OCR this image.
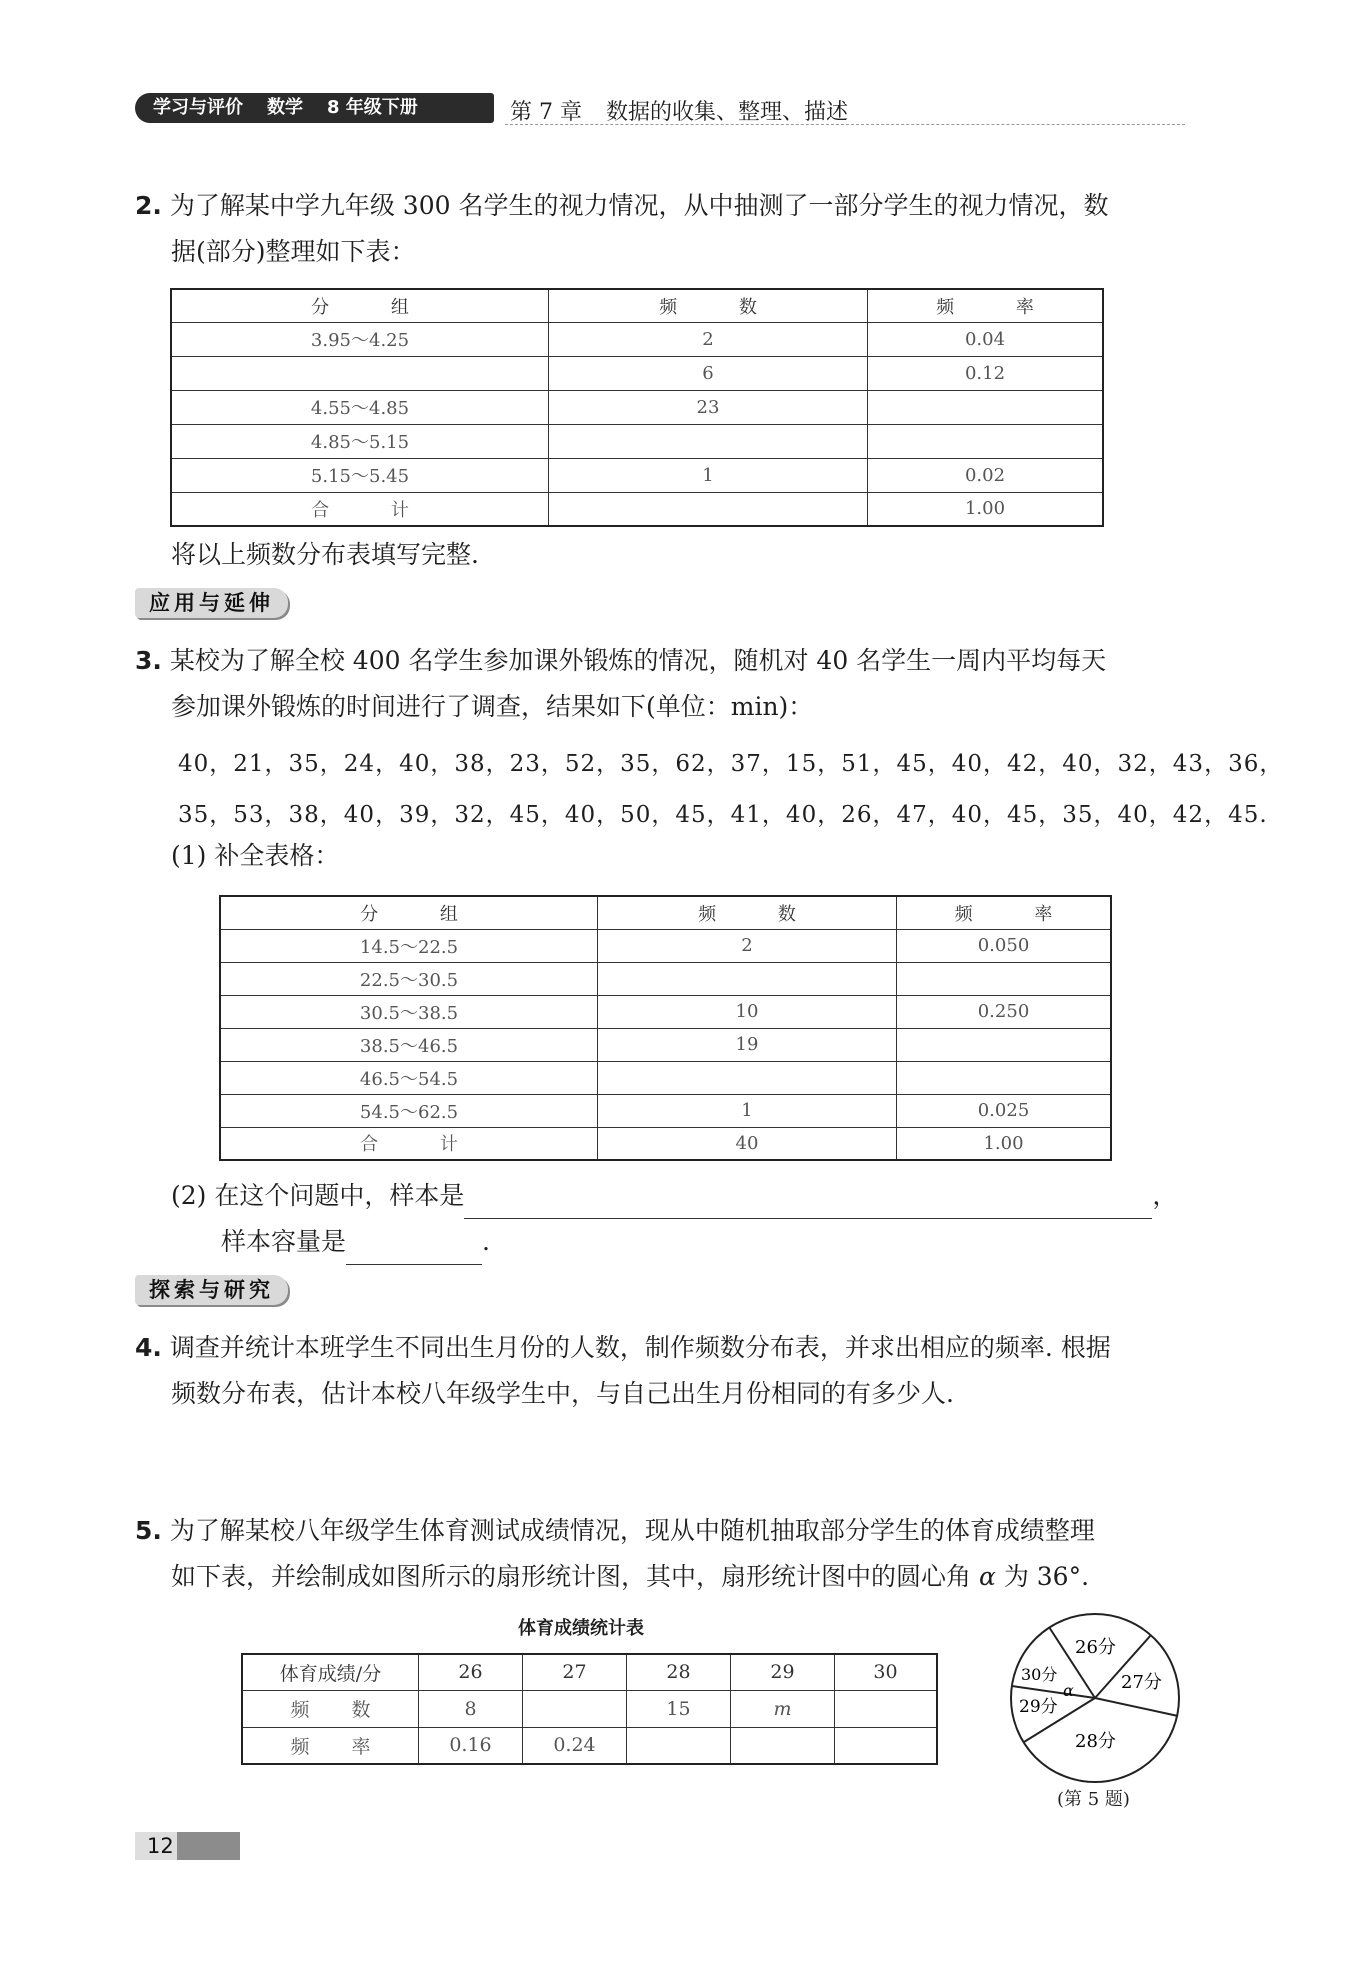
学习与评价 数学 8 年级下册	第 7 章 数据的收集、整理、描述
2. 为了解某中学九年级 300 名学生的视力情况，从中抽测了一部分学生的视力情况，数
据(部分)整理如下表：
分 组	频 数	频 率
3.95～4.25	2	0.04
	6	0.12
4.55～4.85	23	
4.85～5.15		
5.15～5.45	1	0.02
合 计		1.00
将以上频数分布表填写完整.
应用与延伸
3. 某校为了解全校 400 名学生参加课外锻炼的情况，随机对 40 名学生一周内平均每天
参加课外锻炼的时间进行了调查，结果如下(单位：min)：
40，21，35，24，40，38，23，52，35，62，37，15，51，45，40，42，40，32，43，36，
35，53，38，40，39，32，45，40，50，45，41，40，26，47，40，45，35，40，42，45.
(1) 补全表格：
分 组	频 数	频 率
14.5～22.5	2	0.050
22.5～30.5		
30.5～38.5	10	0.250
38.5～46.5	19	
46.5～54.5		
54.5～62.5	1	0.025
合 计	40	1.00
(2) 在这个问题中，样本是	，
样本容量是	.
探索与研究
4. 调查并统计本班学生不同出生月份的人数，制作频数分布表，并求出相应的频率. 根据
频数分布表，估计本校八年级学生中，与自己出生月份相同的有多少人.
5. 为了解某校八年级学生体育测试成绩情况，现从中随机抽取部分学生的体育成绩整理
如下表，并绘制成如图所示的扇形统计图，其中，扇形统计图中的圆心角 α 为 36°.
体育成绩统计表
体育成绩/分	26	27	28	29	30
频 数	8		15	m	
频 率	0.16	0.24			
26分
27分
28分
29分
30分
α
(第 5 题)
12
